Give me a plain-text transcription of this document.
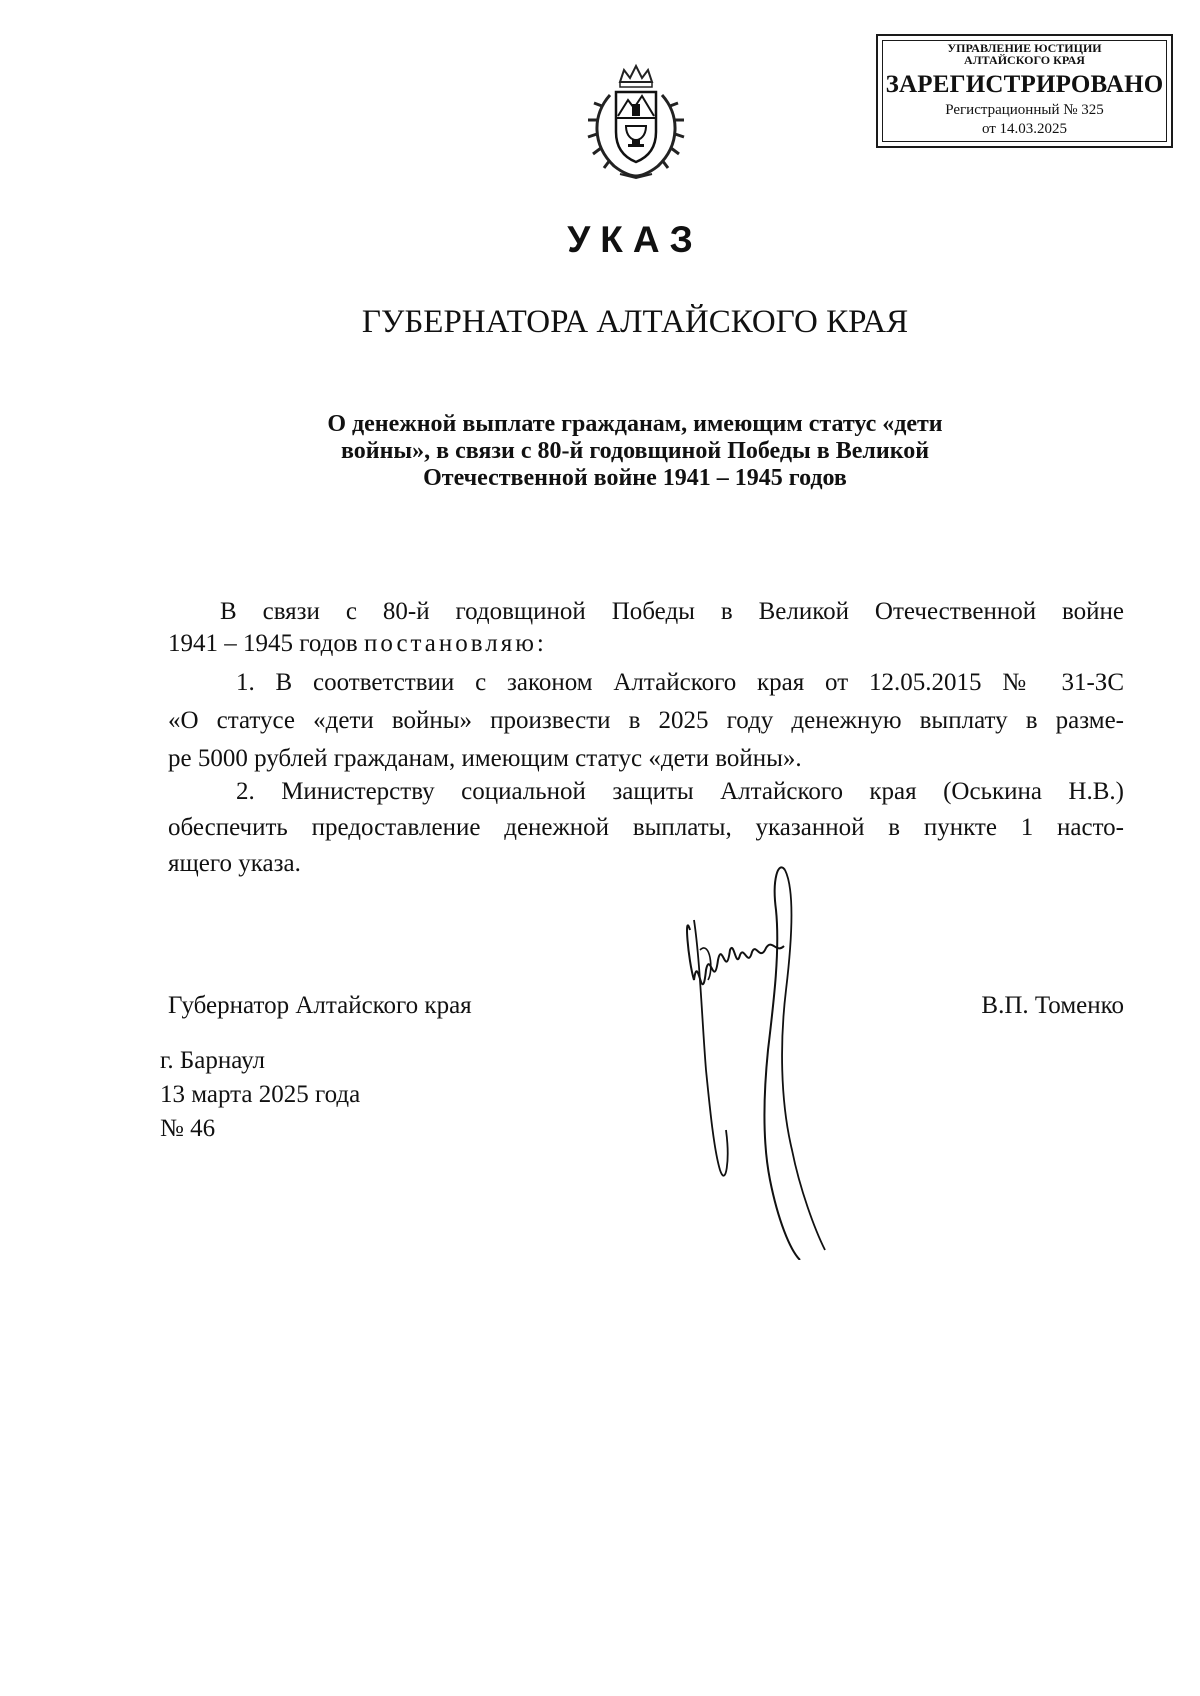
УПРАВЛЕНИЕ ЮСТИЦИИ
АЛТАЙСКОГО КРАЯ
ЗАРЕГИСТРИРОВАНО
Регистрационный № 325
от 14.03.2025
УКАЗ
ГУБЕРНАТОРА АЛТАЙСКОГО КРАЯ
О денежной выплате гражданам, имеющим статус «дети
войны», в связи с 80-й годовщиной Победы в Великой
Отечественной войне 1941 – 1945 годов
В связи с 80-й годовщиной Победы в Великой Отечественной войне
1941 – 1945 годов постановляю:
1. В соответствии с законом Алтайского края от 12.05.2015 № 31-ЗС
«О статусе «дети войны» произвести в 2025 году денежную выплату в разме-
ре 5000 рублей гражданам, имеющим статус «дети войны».
2. Министерству социальной защиты Алтайского края (Оськина Н.В.)
обеспечить предоставление денежной выплаты, указанной в пункте 1 насто-
ящего указа.
Губернатор Алтайского края	В.П. Томенко
г. Барнаул
13 марта 2025 года
№ 46
